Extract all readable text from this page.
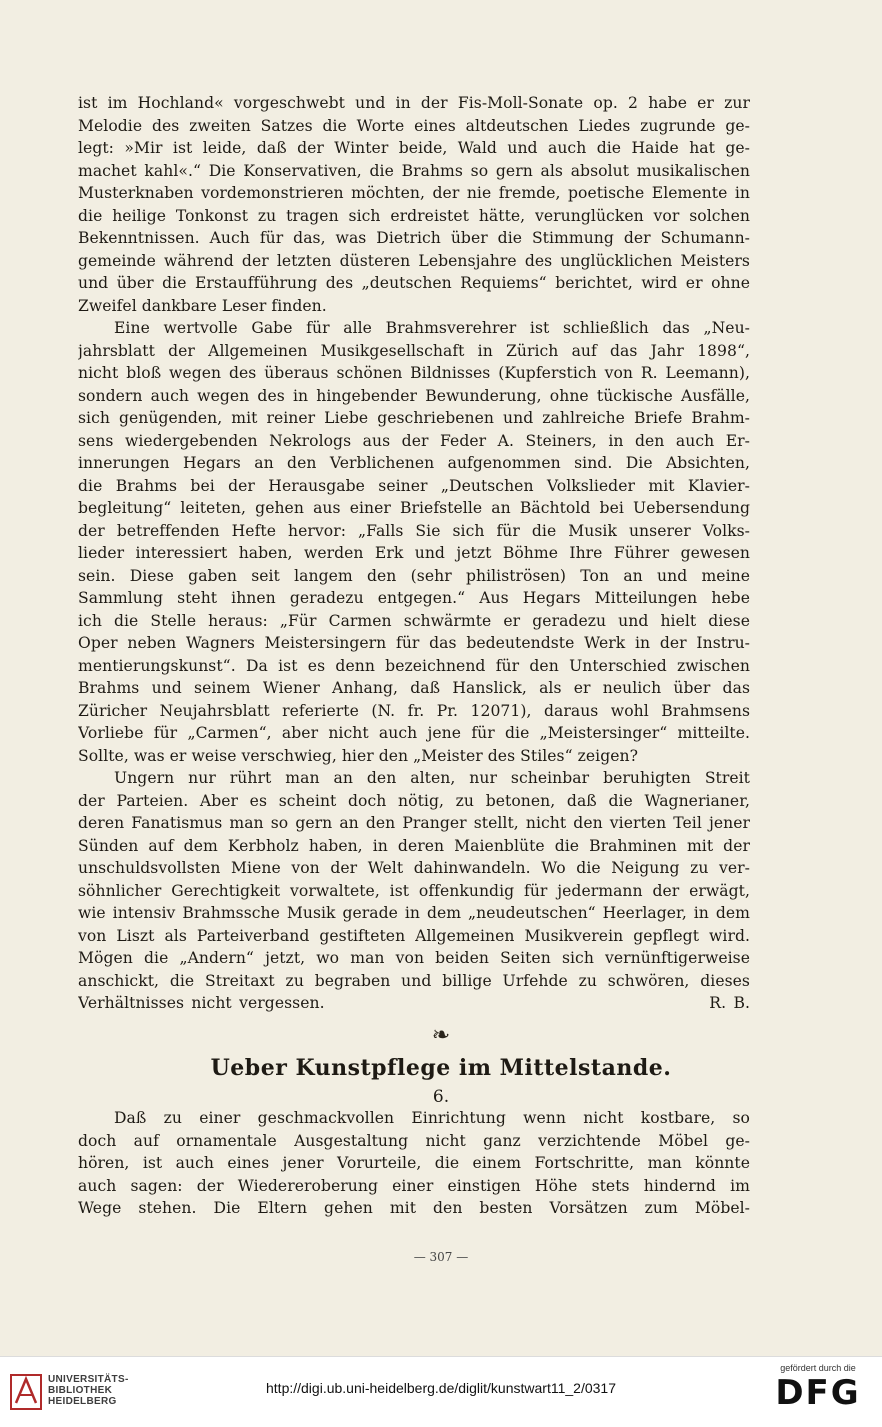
ist im Hochland« vorgeschwebt und in der Fis-Moll-Sonate op. 2 habe er zur
Melodie des zweiten Satzes die Worte eines altdeutschen Liedes zugrunde ge-
legt: »Mir ist leide, daß der Winter beide, Wald und auch die Haide hat ge-
machet kahl«.“ Die Konservativen, die Brahms so gern als absolut musikalischen
Musterknaben vordemonstrieren möchten, der nie fremde, poetische Elemente in
die heilige Tonkonst zu tragen sich erdreistet hätte, verunglücken vor solchen
Bekenntnissen. Auch für das, was Dietrich über die Stimmung der Schumann-
gemeinde während der letzten düsteren Lebensjahre des unglücklichen Meisters
und über die Erstaufführung des „deutschen Requiems“ berichtet, wird er ohne
Zweifel dankbare Leser finden.
Eine wertvolle Gabe für alle Brahmsverehrer ist schließlich das „Neu-
jahrsblatt der Allgemeinen Musikgesellschaft in Zürich auf das Jahr 1898“,
nicht bloß wegen des überaus schönen Bildnisses (Kupferstich von R. Leemann),
sondern auch wegen des in hingebender Bewunderung, ohne tückische Ausfälle,
sich genügenden, mit reiner Liebe geschriebenen und zahlreiche Briefe Brahm-
sens wiedergebenden Nekrologs aus der Feder A. Steiners, in den auch Er-
innerungen Hegars an den Verblichenen aufgenommen sind. Die Absichten,
die Brahms bei der Herausgabe seiner „Deutschen Volkslieder mit Klavier-
begleitung“ leiteten, gehen aus einer Briefstelle an Bächtold bei Uebersendung
der betreffenden Hefte hervor: „Falls Sie sich für die Musik unserer Volks-
lieder interessiert haben, werden Erk und jetzt Böhme Ihre Führer gewesen
sein. Diese gaben seit langem den (sehr philiströsen) Ton an und meine
Sammlung steht ihnen geradezu entgegen.“ Aus Hegars Mitteilungen hebe
ich die Stelle heraus: „Für Carmen schwärmte er geradezu und hielt diese
Oper neben Wagners Meistersingern für das bedeutendste Werk in der Instru-
mentierungskunst“. Da ist es denn bezeichnend für den Unterschied zwischen
Brahms und seinem Wiener Anhang, daß Hanslick, als er neulich über das
Züricher Neujahrsblatt referierte (N. fr. Pr. 12071), daraus wohl Brahmsens
Vorliebe für „Carmen“, aber nicht auch jene für die „Meistersinger“ mitteilte.
Sollte, was er weise verschwieg, hier den „Meister des Stiles“ zeigen?
Ungern nur rührt man an den alten, nur scheinbar beruhigten Streit
der Parteien. Aber es scheint doch nötig, zu betonen, daß die Wagnerianer,
deren Fanatismus man so gern an den Pranger stellt, nicht den vierten Teil jener
Sünden auf dem Kerbholz haben, in deren Maienblüte die Brahminen mit der
unschuldsvollsten Miene von der Welt dahinwandeln. Wo die Neigung zu ver-
söhnlicher Gerechtigkeit vorwaltete, ist offenkundig für jedermann der erwägt,
wie intensiv Brahmssche Musik gerade in dem „neudeutschen“ Heerlager, in dem
von Liszt als Parteiverband gestifteten Allgemeinen Musikverein gepflegt wird.
Mögen die „Andern“ jetzt, wo man von beiden Seiten sich vernünftigerweise
anschickt, die Streitaxt zu begraben und billige Urfehde zu schwören, dieses
Verhältnisses nicht vergessen.                                                    R. B.
❧
Ueber Kunstpflege im Mittelstande.
6.
Daß zu einer geschmackvollen Einrichtung wenn nicht kostbare, so
doch auf ornamentale Ausgestaltung nicht ganz verzichtende Möbel ge-
hören, ist auch eines jener Vorurteile, die einem Fortschritte, man könnte
auch sagen: der Wiedereroberung einer einstigen Höhe stets hindernd im
Wege stehen. Die Eltern gehen mit den besten Vorsätzen zum Möbel-
— 307 —
UNIVERSITÄTS-
BIBLIOTHEK
HEIDELBERG
http://digi.ub.uni-heidelberg.de/diglit/kunstwart11_2/0317
gefördert durch die
DFG
